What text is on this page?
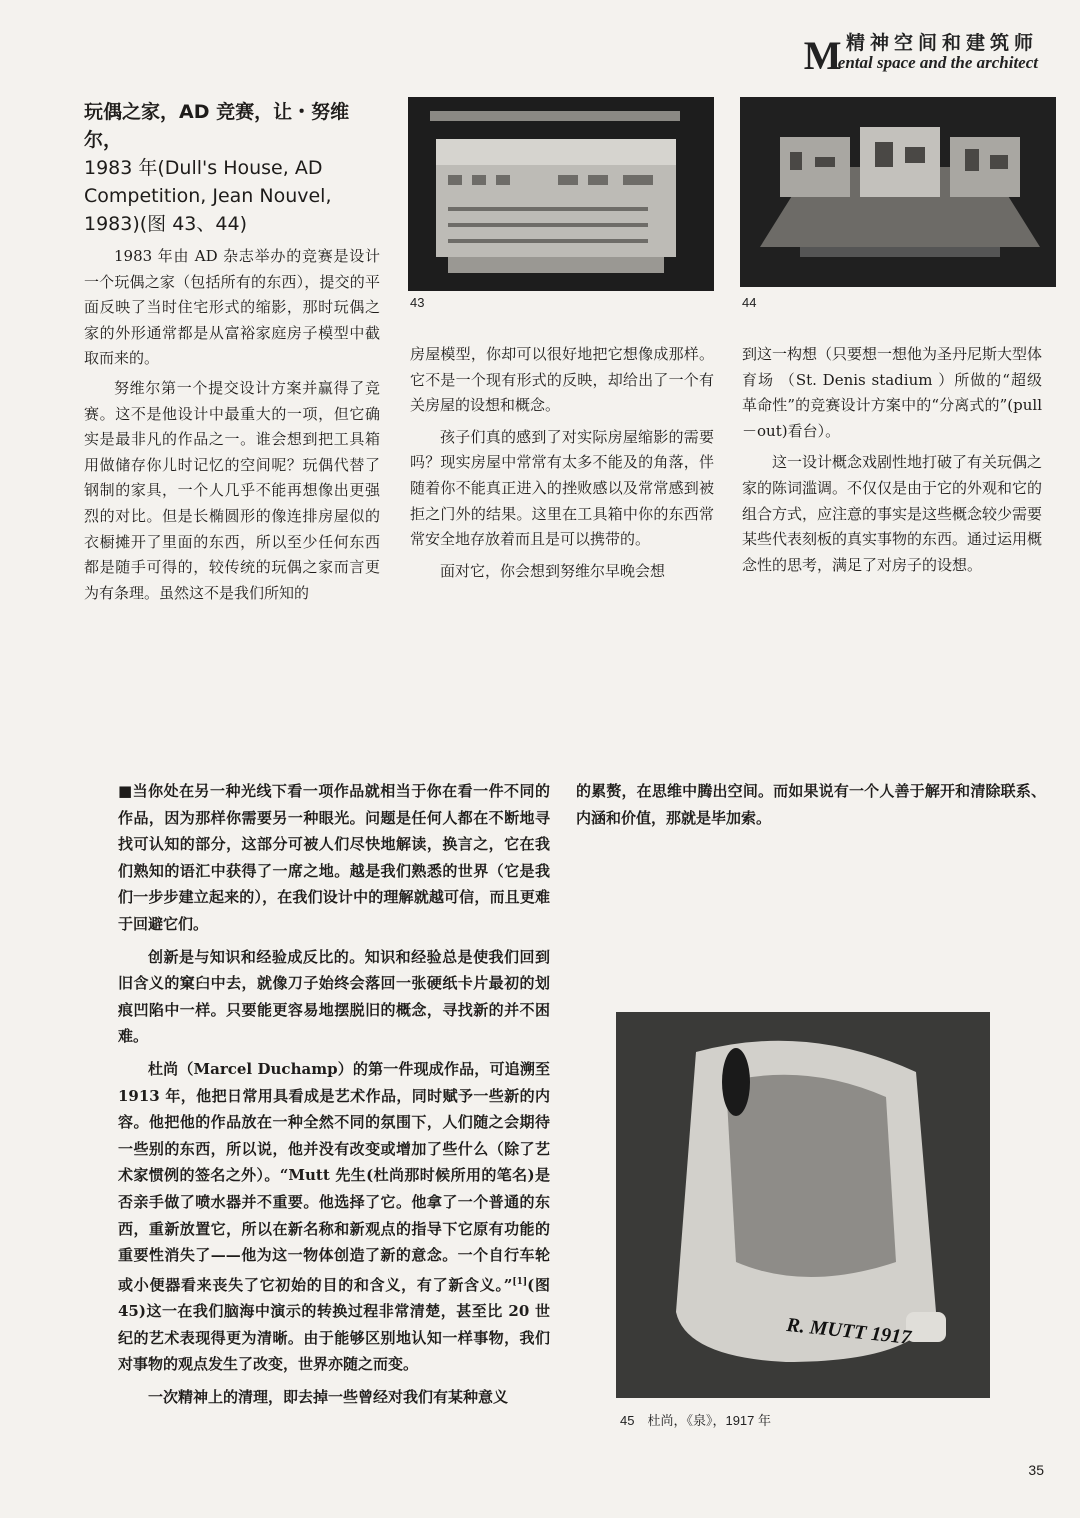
M 精神空间和建筑师
ental space and the architect
玩偶之家，AD 竞赛，让・努维尔，
1983 年(Dull's House, AD Competition, Jean Nouvel, 1983)(图 43、44)

1983 年由 AD 杂志举办的竞赛是设计一个玩偶之家（包括所有的东西），提交的平面反映了当时住宅形式的缩影，那时玩偶之家的外形通常都是从富裕家庭房子模型中截取而来的。

努维尔第一个提交设计方案并赢得了竞赛。这不是他设计中最重大的一项，但它确实是最非凡的作品之一。谁会想到把工具箱用做储存你儿时记忆的空间呢？玩偶代替了钢制的家具，一个人几乎不能再想像出更强烈的对比。但是长椭圆形的像连排房屋似的衣橱摊开了里面的东西，所以至少任何东西都是随手可得的，较传统的玩偶之家而言更为有条理。虽然这不是我们所知的

43	44

房屋模型，你却可以很好地把它想像成那样。它不是一个现有形式的反映，却给出了一个有关房屋的设想和概念。

孩子们真的感到了对实际房屋缩影的需要吗？现实房屋中常常有太多不能及的角落，伴随着你不能真正进入的挫败感以及常常感到被拒之门外的结果。这里在工具箱中你的东西常常安全地存放着而且是可以携带的。

面对它，你会想到努维尔早晚会想

到这一构想（只要想一想他为圣丹尼斯大型体育场 （St. Denis stadium ）所做的“超级革命性”的竞赛设计方案中的“分离式的”(pull－out)看台）。

这一设计概念戏剧性地打破了有关玩偶之家的陈词滥调。不仅仅是由于它的外观和它的组合方式，应注意的事实是这些概念较少需要某些代表刻板的真实事物的东西。通过运用概念性的思考，满足了对房子的设想。

■当你处在另一种光线下看一项作品就相当于你在看一件不同的作品，因为那样你需要另一种眼光。问题是任何人都在不断地寻找可认知的部分，这部分可被人们尽快地解读，换言之，它在我们熟知的语汇中获得了一席之地。越是我们熟悉的世界（它是我们一步步建立起来的），在我们设计中的理解就越可信，而且更难于回避它们。

创新是与知识和经验成反比的。知识和经验总是使我们回到旧含义的窠臼中去，就像刀子始终会落回一张硬纸卡片最初的划痕凹陷中一样。只要能更容易地摆脱旧的概念，寻找新的并不困难。

杜尚（Marcel Duchamp）的第一件现成作品，可追溯至 1913 年，他把日常用具看成是艺术作品，同时赋予一些新的内容。他把他的作品放在一种全然不同的氛围下，人们随之会期待一些别的东西，所以说，他并没有改变或增加了些什么（除了艺术家惯例的签名之外）。“Mutt 先生(杜尚那时候所用的笔名)是否亲手做了喷水器并不重要。他选择了它。他拿了一个普通的东西，重新放置它，所以在新名称和新观点的指导下它原有功能的重要性消失了——他为这一物体创造了新的意念。一个自行车轮或小便器看来丧失了它初始的目的和含义，有了新含义。”[1](图 45)这一在我们脑海中演示的转换过程非常清楚，甚至比 20 世纪的艺术表现得更为清晰。由于能够区别地认知一样事物，我们对事物的观点发生了改变，世界亦随之而变。

一次精神上的清理，即去掉一些曾经对我们有某种意义

的累赘，在思维中腾出空间。而如果说有一个人善于解开和清除联系、内涵和价值，那就是毕加索。

R. MUTT 1917
45　杜尚，《泉》，1917 年
35
